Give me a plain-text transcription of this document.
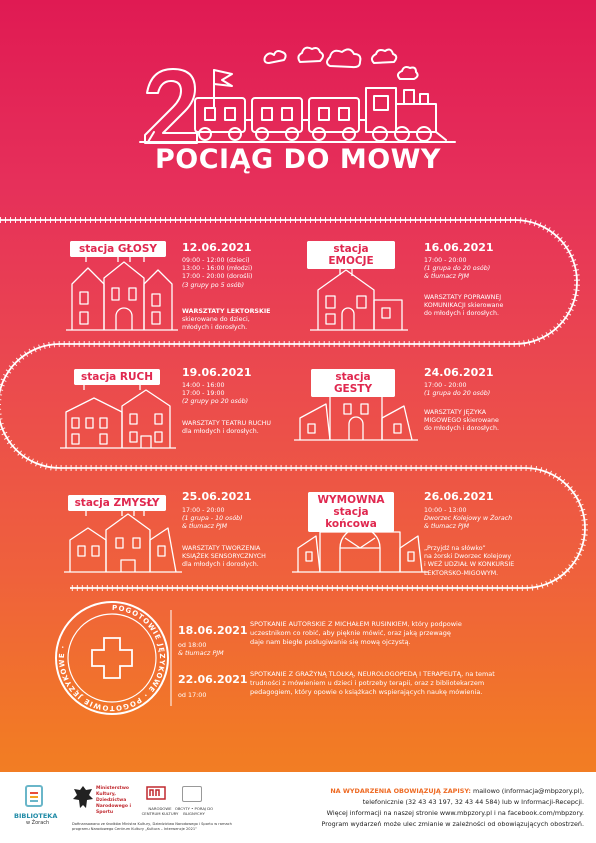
POGOTOWIE JĘZYKOWE · POGOTOWIE JĘZYKOWE ·
POCIĄG DO MOWY
stacja GŁOSY	stacja EMOCJE
stacja RUCH	stacja GESTY
stacja ZMYSŁY	WYMOWNA
stacja końcowa
12.06.2021
09:00 - 12:00 (dzieci)
13:00 - 16:00 (młodzi)
17:00 - 20:00 (dorośli)
(3 grupy po 5 osób)
WARSZTATY LEKTORSKIE
skierowane do dzieci,
młodych i dorosłych.
16.06.2021
17:00 - 20:00
(1 grupa do 20 osób)
& tłumacz PJM
WARSZTATY POPRAWNEJ
KOMUNIKACJI skierowane
do młodych i dorosłych.
19.06.2021
14:00 - 16:00
17:00 - 19:00
(2 grupy po 20 osób)
WARSZTATY TEATRU RUCHU
dla młodych i dorosłych.
24.06.2021
17:00 - 20:00
(1 grupa do 20 osób)
WARSZTATY JĘZYKA
MIGOWEGO skierowane
do młodych i dorosłych.
25.06.2021
17:00 - 20:00
(1 grupa - 10 osób)
& tłumacz PJM
WARSZTATY TWORZENIA
KSIĄŻEK SENSORYCZNYCH
dla młodych i dorosłych.
26.06.2021
10:00 - 13:00
Dworzec Kolejowy w Żorach
& tłumacz PJM
„Przyjdź na słówko”
na żorski Dworzec Kolejowy
i WEŹ UDZIAŁ W KONKURSIE
LEKTORSKO-MIGOWYM.
18.06.2021
od 18:00
& tłumacz PJM
SPOTKANIE AUTORSKIE Z MICHAŁEM RUSINKIEM, który podpowie
uczestnikom co robić, aby pięknie mówić, oraz jaką przewagę
daje nam biegłe posługiwanie się mową ojczystą.
22.06.2021
od 17:00
SPOTKANIE Z GRAŻYNĄ TLOŁKĄ, NEUROLOGOPEDĄ I TERAPEUTĄ, na temat
trudności z mówieniem u dzieci i potrzeby terapii, oraz z bibliotekarzem
pedagogiem, który opowie o książkach wspierających naukę mówienia.
BIBLIOTEKA
w Żorach
Ministerstwo Kultury, Dziedzictwa Narodowego i Sportu
NARODOWE CENTRUM KULTURY
OBCYTY • PORAJ DO BLIGNYCHY
Dofinansowano ze środków Ministra Kultury, Dziedzictwa Narodowego i Sportu w ramach programu Narodowego Centrum Kultury „Kultura – Interwencje 2021”
NA WYDARZENIA OBOWIĄZUJĄ ZAPISY: mailowo (informacja@mbpzory.pl),
telefonicznie (32 43 43 197, 32 43 44 584) lub w Informacji-Recepcji.
Więcej informacji na naszej stronie www.mbpzory.pl i na facebook.com/mbpzory.
Program wydarzeń może ulec zmianie w zależności od obowiązujących obostrzeń.
